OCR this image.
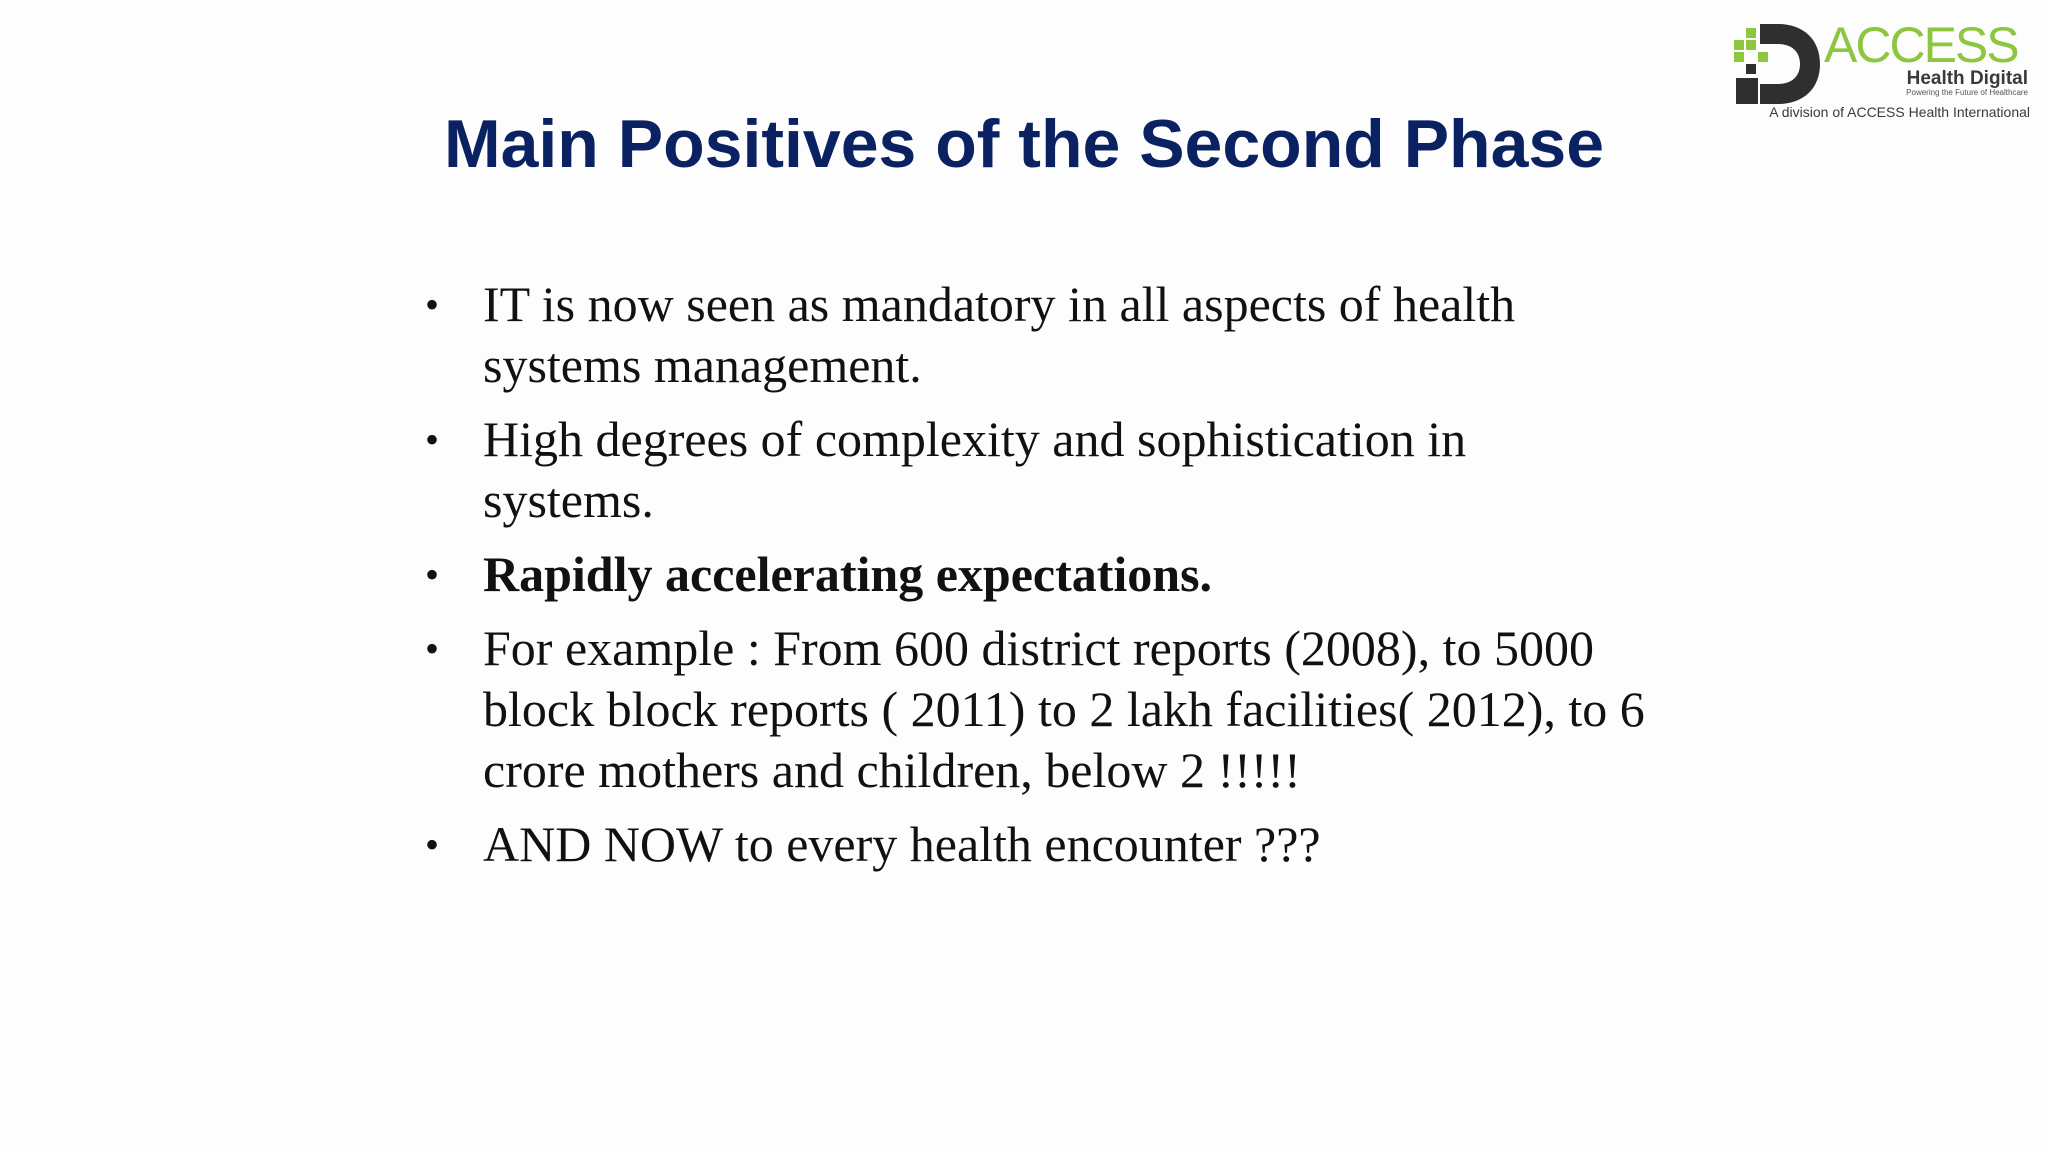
ACCESS
Health Digital
Powering the Future of Healthcare
A division of ACCESS Health International
Main Positives of the Second Phase
• IT is now seen as mandatory in all aspects of health systems management.
• High degrees of complexity and sophistication in systems.
• Rapidly accelerating expectations.
• For example : From 600 district reports (2008), to 5000 block block reports ( 2011) to 2 lakh facilities( 2012), to 6 crore mothers and children, below 2 !!!!!
• AND NOW to every health encounter ???
